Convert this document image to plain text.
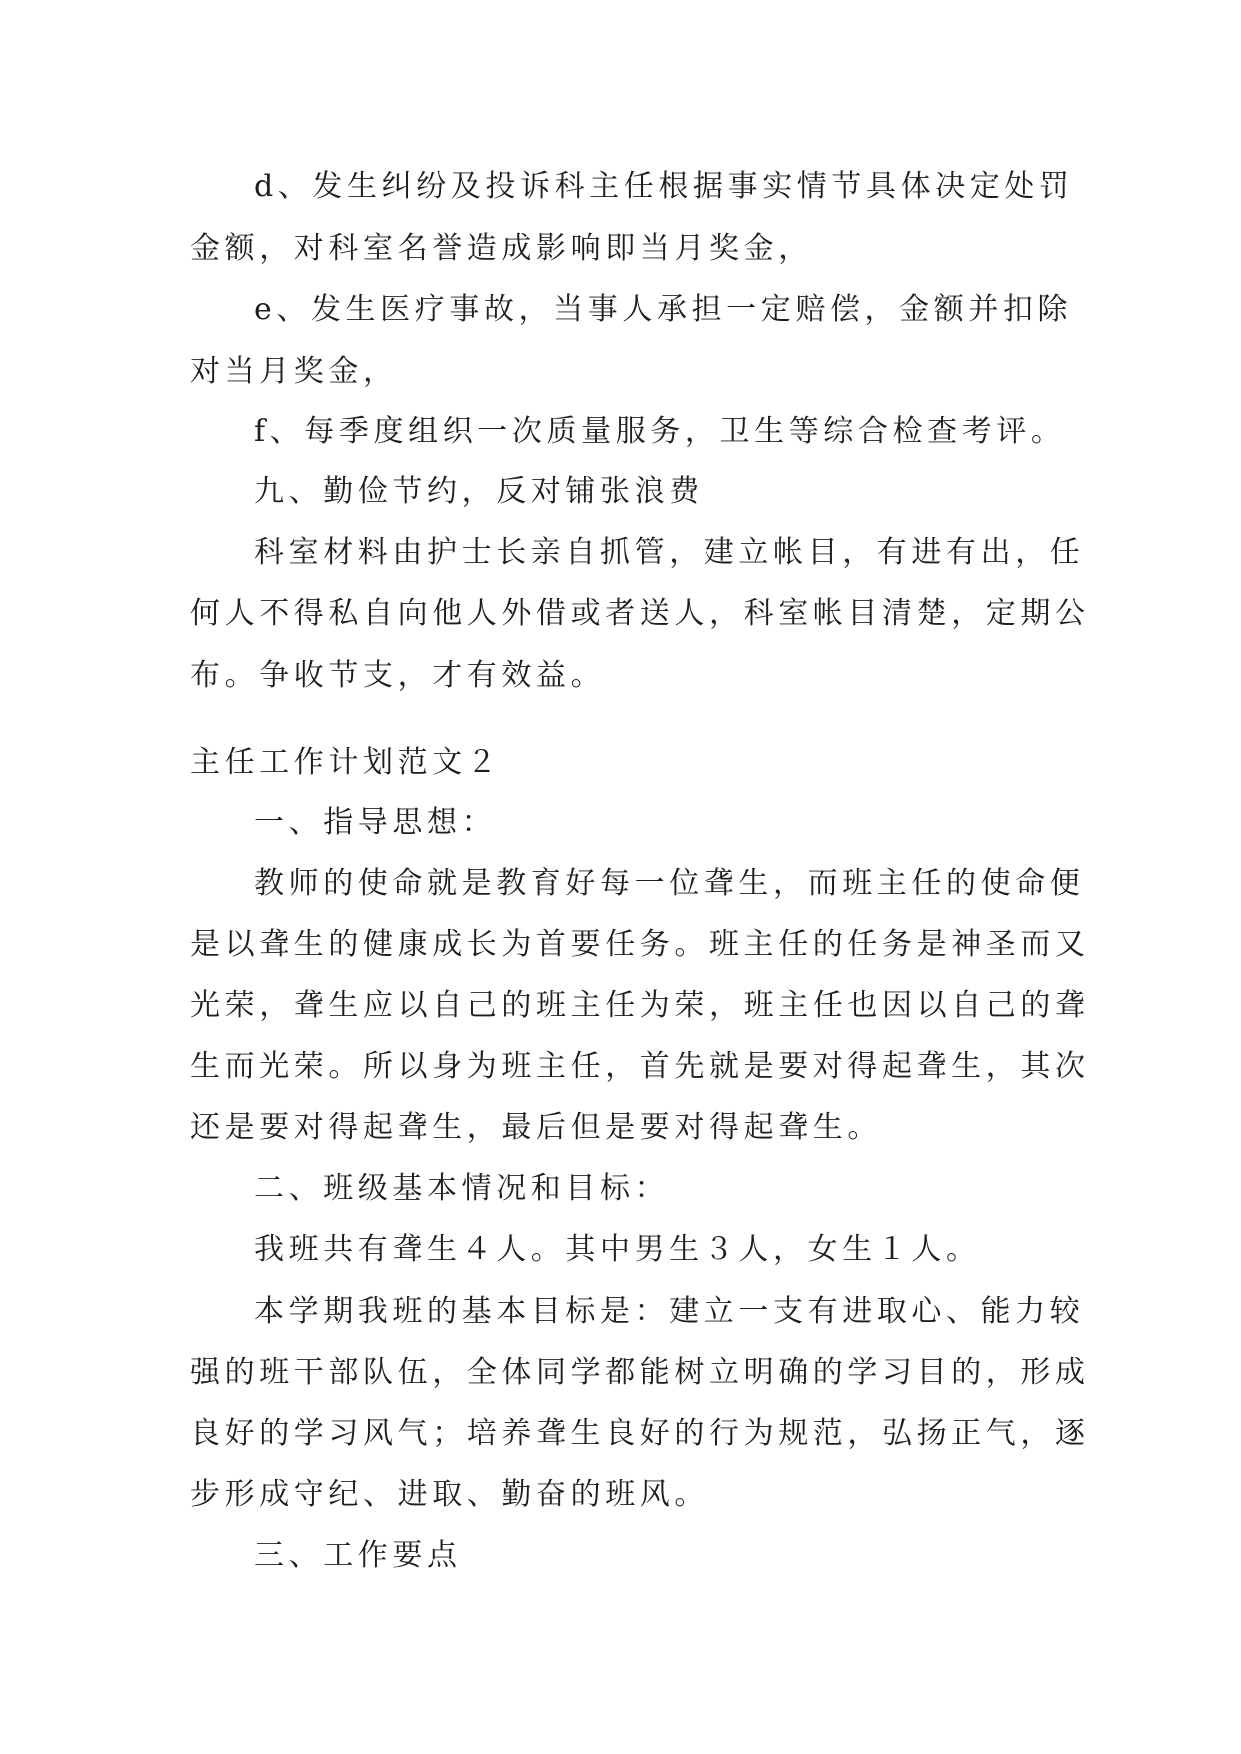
d、发生纠纷及投诉科主任根据事实情节具体决定处罚
金额，对科室名誉造成影响即当月奖金，
e、发生医疗事故，当事人承担一定赔偿，金额并扣除
对当月奖金，
f、每季度组织一次质量服务，卫生等综合检查考评。
九、勤俭节约，反对铺张浪费
科室材料由护士长亲自抓管，建立帐目，有进有出，任
何人不得私自向他人外借或者送人，科室帐目清楚，定期公
布。争收节支，才有效益。
主任工作计划范文２
一、指导思想：
教师的使命就是教育好每一位聋生，而班主任的使命便
是以聋生的健康成长为首要任务。班主任的任务是神圣而又
光荣，聋生应以自己的班主任为荣，班主任也因以自己的聋
生而光荣。所以身为班主任，首先就是要对得起聋生，其次
还是要对得起聋生，最后但是要对得起聋生。
二、班级基本情况和目标：
我班共有聋生４人。其中男生３人，女生１人。
本学期我班的基本目标是：建立一支有进取心、能力较
强的班干部队伍，全体同学都能树立明确的学习目的，形成
良好的学习风气；培养聋生良好的行为规范，弘扬正气，逐
步形成守纪、进取、勤奋的班风。
三、工作要点
